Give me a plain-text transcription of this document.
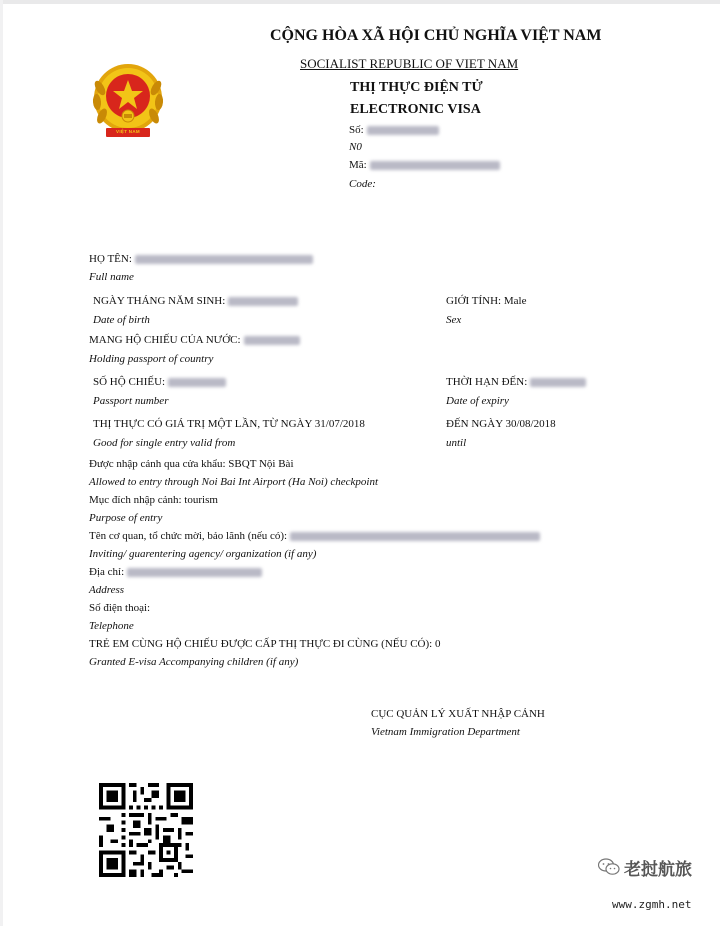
VIỆT NAM
CỘNG HÒA XÃ HỘI CHỦ NGHĨA VIỆT NAM
SOCIALIST REPUBLIC OF VIET NAM
THỊ THỰC ĐIỆN TỬ
ELECTRONIC VISA
Số:
N0
Mã:
Code:
HỌ TÊN:
Full name
NGÀY THÁNG NĂM SINH:
Date of birth
GIỚI TÍNH: Male
Sex
MANG HỘ CHIẾU CỦA NƯỚC:
Holding passport of country
SỐ HỘ CHIẾU:
Passport number
THỜI HẠN ĐẾN:
Date of expiry
THỊ THỰC CÓ GIÁ TRỊ MỘT LẦN, TỪ NGÀY 31/07/2018
Good for single entry valid from
ĐẾN NGÀY 30/08/2018
until
Được nhập cảnh qua cửa khẩu: SBQT Nội Bài
Allowed to entry through Noi Bai Int Airport (Ha Noi) checkpoint
Mục đích nhập cảnh: tourism
Purpose of entry
Tên cơ quan, tổ chức mời, bảo lãnh (nếu có):
Inviting/ guarentering agency/ organization (if any)
Địa chỉ:
Address
Số điện thoại:
Telephone
TRẺ EM CÙNG HỘ CHIẾU ĐƯỢC CẤP THỊ THỰC ĐI CÙNG (NẾU CÓ): 0
Granted E-visa Accompanying children (if any)
CỤC QUẢN LÝ XUẤT NHẬP CẢNH
Vietnam Immigration Department
老挝航旅
www.zgmh.net
